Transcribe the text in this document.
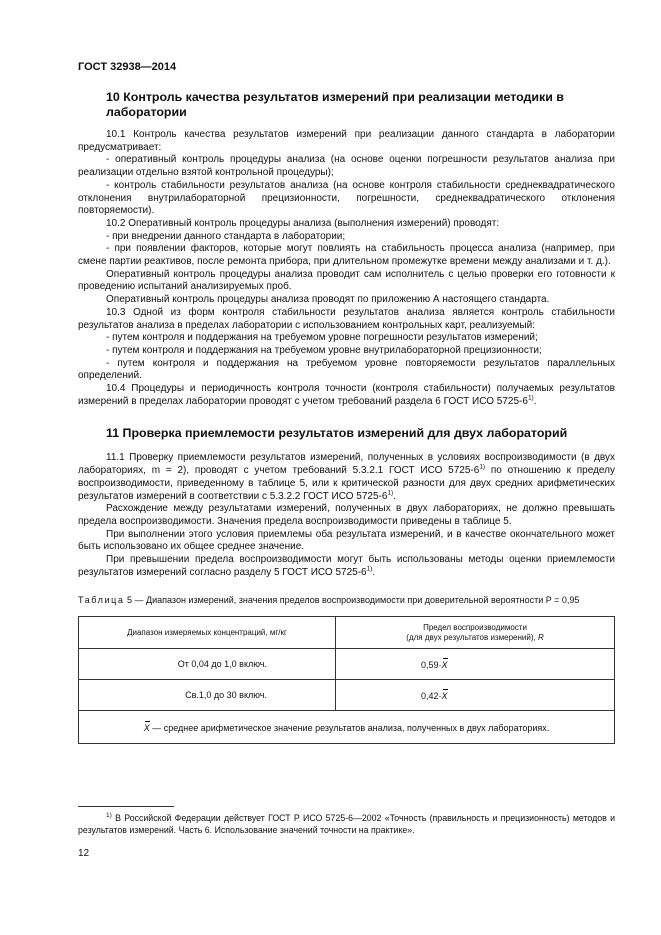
ГОСТ 32938—2014
10 Контроль качества результатов измерений при реализации методики в лаборатории

10.1 Контроль качества результатов измерений при реализации данного стандарта в лаборатории предусматривает:

- оперативный контроль процедуры анализа (на основе оценки погрешности результатов анализа при реализации отдельно взятой контрольной процедуры);

- контроль стабильности результатов анализа (на основе контроля стабильности среднеквадратического отклонения внутрилабораторной прецизионности, погрешности, среднеквадратического отклонения повторяемости).

10.2 Оперативный контроль процедуры анализа (выполнения измерений) проводят:

- при внедрении данного стандарта в лаборатории;

- при появлении факторов, которые могут повлиять на стабильность процесса анализа (например, при смене партии реактивов, после ремонта прибора, при длительном промежутке времени между анализами и т. д.).

Оперативный контроль процедуры анализа проводит сам исполнитель с целью проверки его готовности к проведению испытаний анализируемых проб.

Оперативный контроль процедуры анализа проводят по приложению А настоящего стандарта.

10.3 Одной из форм контроля стабильности результатов анализа является контроль стабильности результатов анализа в пределах лаборатории с использованием контрольных карт, реализуемый:

- путем контроля и поддержания на требуемом уровне погрешности результатов измерений;

- путем контроля и поддержания на требуемом уровне внутрилабораторной прецизионности;

- путем контроля и поддержания на требуемом уровне повторяемости результатов параллельных определений.

10.4 Процедуры и периодичность контроля точности (контроля стабильности) получаемых результатов измерений в пределах лаборатории проводят с учетом требований раздела 6 ГОСТ ИСО 5725-6$^{1)}$.

11 Проверка приемлемости результатов измерений для двух лабораторий

11.1 Проверку приемлемости результатов измерений, полученных в условиях воспроизводимости (в двух лабораториях, m = 2), проводят с учетом требований 5.3.2.1 ГОСТ ИСО 5725-6$^{1)}$ по отношению к пределу воспроизводимости, приведенному в таблице 5, или к критической разности для двух средних арифметических результатов измерений в соответствии с 5.3.2.2 ГОСТ ИСО 5725-6$^{1)}$.

Расхождение между результатами измерений, полученных в двух лабораториях, не должно превышать предела воспроизводимости. Значения предела воспроизводимости приведены в таблице 5.

При выполнении этого условия приемлемы оба результата измерений, и в качестве окончательного может быть использовано их общее среднее значение.

При превышении предела воспроизводимости могут быть использованы методы оценки приемлемости результатов измерений согласно разделу 5 ГОСТ ИСО 5725-6$^{1)}$.

Таблица 5 — Диапазон измерений, значения пределов воспроизводимости при доверительной вероятности P = 0,95
Диапазон измеряемых концентраций, мг/кг	Предел воспроизводимости
(для двух результатов измерений), R
От 0,04 до 1,0 включ.	0,59·X
Св.1,0 до 30 включ.	0,42·X
X — среднее арифметическое значение результатов анализа, полученных в двух лабораториях.	
$^{1)}$ В Российской Федерации действует ГОСТ Р ИСО 5725-6—2002 «Точность (правильность и прецизионность) методов и результатов измерений. Часть 6. Использование значений точности на практике».
12
